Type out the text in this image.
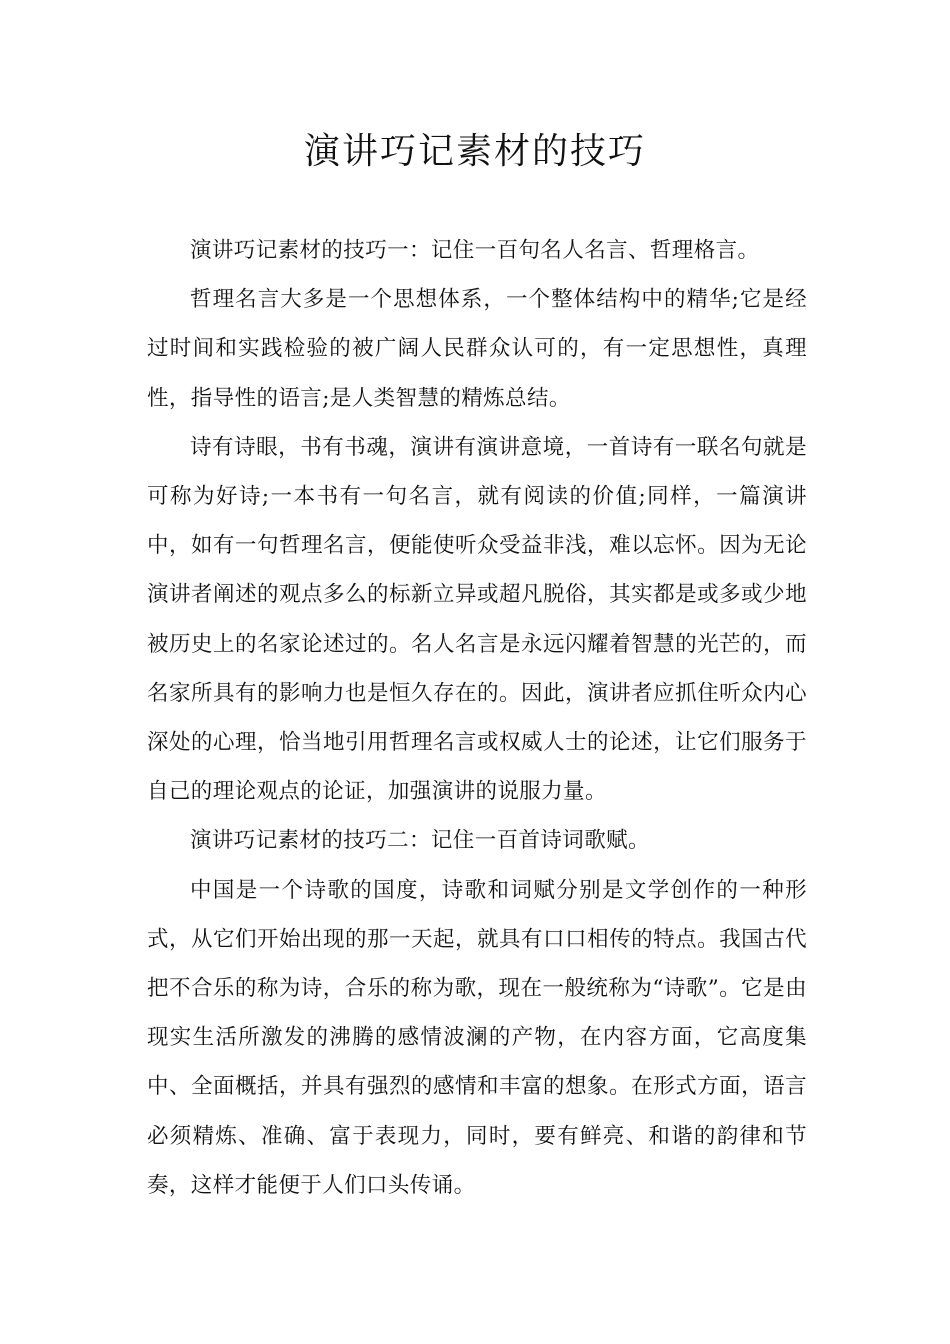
演讲巧记素材的技巧

演讲巧记素材的技巧一：记住一百句名人名言、哲理格言。

哲理名言大多是一个思想体系，一个整体结构中的精华;它是经过时间和实践检验的被广阔人民群众认可的，有一定思想性，真理性，指导性的语言;是人类智慧的精炼总结。

诗有诗眼，书有书魂，演讲有演讲意境，一首诗有一联名句就是可称为好诗;一本书有一句名言，就有阅读的价值;同样，一篇演讲中，如有一句哲理名言，便能使听众受益非浅，难以忘怀。因为无论演讲者阐述的观点多么的标新立异或超凡脱俗，其实都是或多或少地被历史上的名家论述过的。名人名言是永远闪耀着智慧的光芒的，而名家所具有的影响力也是恒久存在的。因此，演讲者应抓住听众内心深处的心理，恰当地引用哲理名言或权威人士的论述，让它们服务于自己的理论观点的论证，加强演讲的说服力量。

演讲巧记素材的技巧二：记住一百首诗词歌赋。

中国是一个诗歌的国度，诗歌和词赋分别是文学创作的一种形式，从它们开始出现的那一天起，就具有口口相传的特点。我国古代把不合乐的称为诗，合乐的称为歌，现在一般统称为“诗歌”。它是由现实生活所激发的沸腾的感情波澜的产物，在内容方面，它高度集中、全面概括，并具有强烈的感情和丰富的想象。在形式方面，语言必须精炼、准确、富于表现力，同时，要有鲜亮、和谐的韵律和节奏，这样才能便于人们口头传诵。
